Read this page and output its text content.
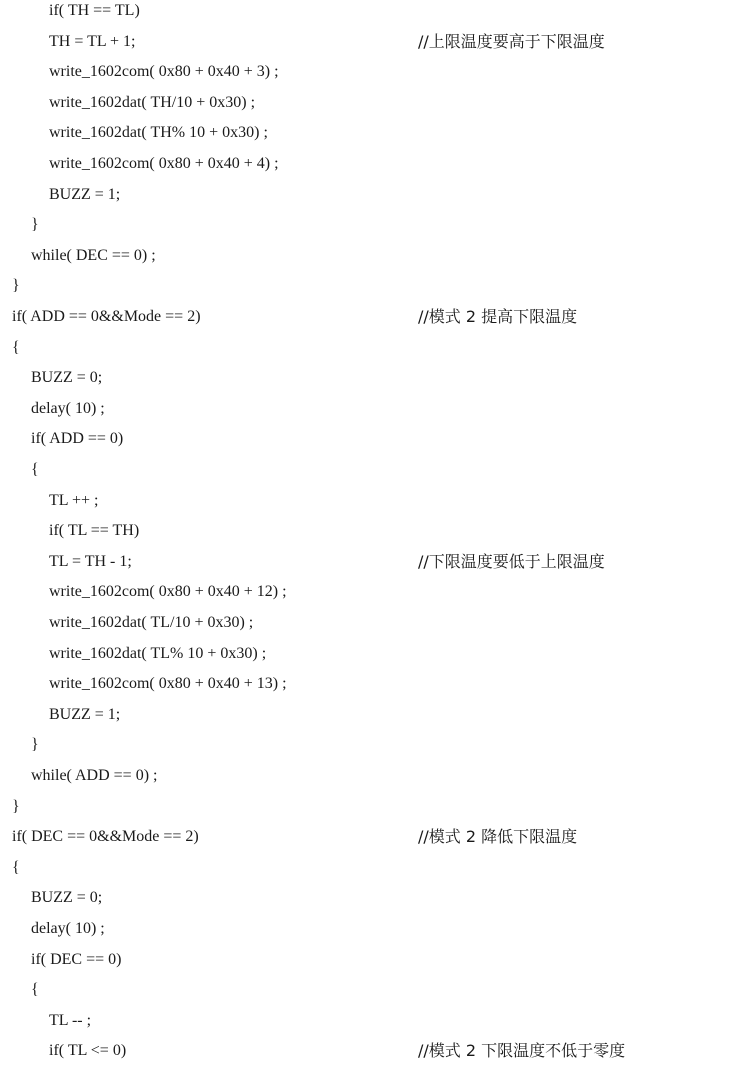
if( TH == TL)
TH = TL + 1;	//上限温度要高于下限温度
write_1602com( 0x80 + 0x40 + 3) ;
write_1602dat( TH/10 + 0x30) ;
write_1602dat( TH% 10 + 0x30) ;
write_1602com( 0x80 + 0x40 + 4) ;
BUZZ = 1;
}
while( DEC == 0) ;
}
if( ADD == 0&&Mode == 2)	//模式 2 提高下限温度
{
BUZZ = 0;
delay( 10) ;
if( ADD == 0)
{
TL ++ ;
if( TL == TH)
TL = TH - 1;	//下限温度要低于上限温度
write_1602com( 0x80 + 0x40 + 12) ;
write_1602dat( TL/10 + 0x30) ;
write_1602dat( TL% 10 + 0x30) ;
write_1602com( 0x80 + 0x40 + 13) ;
BUZZ = 1;
}
while( ADD == 0) ;
}
if( DEC == 0&&Mode == 2)	//模式 2 降低下限温度
{
BUZZ = 0;
delay( 10) ;
if( DEC == 0)
{
TL -- ;
if( TL <= 0)	//模式 2 下限温度不低于零度
